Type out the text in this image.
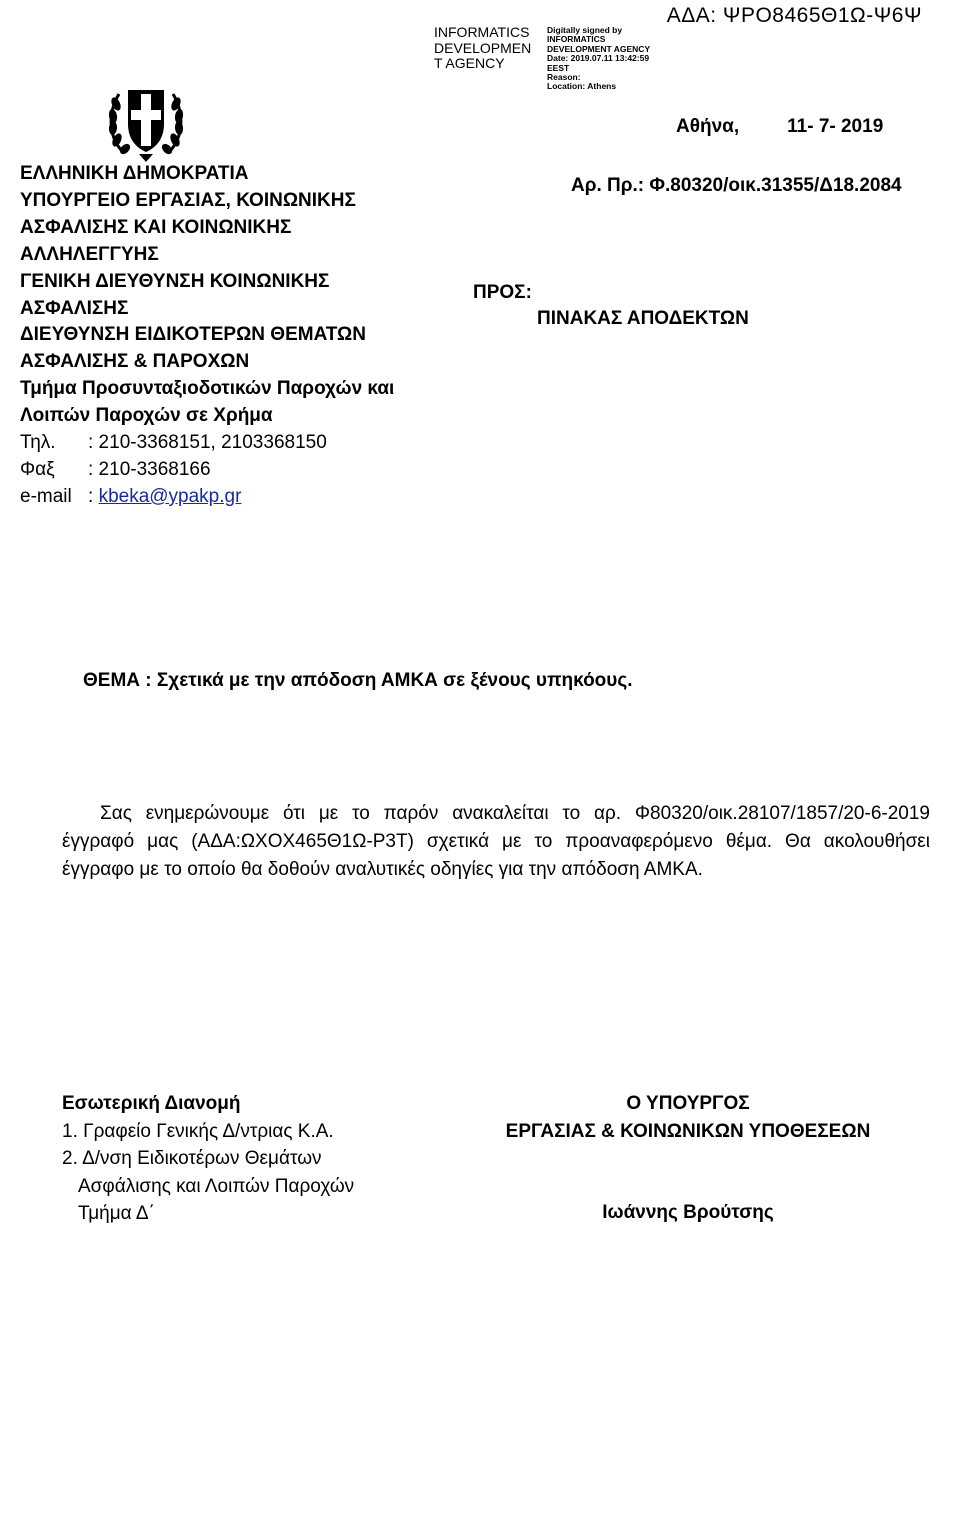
ΑΔΑ: ΨΡΟ8465Θ1Ω-Ψ6Ψ
INFORMATICS
DEVELOPMEN
T AGENCY
Digitally signed by
INFORMATICS
DEVELOPMENT AGENCY
Date: 2019.07.11 13:42:59
EEST
Reason:
Location: Athens
Αθήνα,	11- 7- 2019
Αρ. Πρ.: Φ.80320/οικ.31355/Δ18.2084
ΕΛΛΗΝΙΚΗ ΔΗΜΟΚΡΑΤΙΑ
ΥΠΟΥΡΓΕΙΟ ΕΡΓΑΣΙΑΣ, ΚΟΙΝΩΝΙΚΗΣ
ΑΣΦΑΛΙΣΗΣ ΚΑΙ ΚΟΙΝΩΝΙΚΗΣ
ΑΛΛΗΛΕΓΓΥΗΣ
ΓΕΝΙΚΗ ΔΙΕΥΘΥΝΣΗ ΚΟΙΝΩΝΙΚΗΣ
ΑΣΦΑΛΙΣΗΣ
ΔΙΕΥΘΥΝΣΗ ΕΙΔΙΚΟΤΕΡΩΝ ΘΕΜΑΤΩΝ
ΑΣΦΑΛΙΣΗΣ & ΠΑΡΟΧΩΝ
Τμήμα Προσυνταξιοδοτικών Παροχών και
Λοιπών Παροχών σε Χρήμα
Τηλ.	: 210-3368151, 2103368150
Φαξ	: 210-3368166
e-mail : kbeka@ypakp.gr
ΠΡΟΣ:
ΠΙΝΑΚΑΣ ΑΠΟΔΕΚΤΩΝ
ΘΕΜΑ : Σχετικά με την απόδοση ΑΜΚΑ σε ξένους υπηκόους.

Σας ενημερώνουμε ότι με το παρόν ανακαλείται το αρ. Φ80320/οικ.28107/1857/20-6-2019 έγγραφό μας (ΑΔΑ:ΩΧΟΧ465Θ1Ω-Ρ3Τ) σχετικά με το προαναφερόμενο θέμα. Θα ακολουθήσει έγγραφο με το οποίο θα δοθούν αναλυτικές οδηγίες για την απόδοση ΑΜΚΑ.

Εσωτερική Διανομή
1. Γραφείο Γενικής Δ/ντριας Κ.Α.
2. Δ/νση Ειδικοτέρων Θεμάτων
Ασφάλισης και Λοιπών Παροχών
Τμήμα Δ΄
Ο ΥΠΟΥΡΓΟΣ
ΕΡΓΑΣΙΑΣ & ΚΟΙΝΩΝΙΚΩΝ ΥΠΟΘΕΣΕΩΝ
Ιωάννης Βρούτσης
